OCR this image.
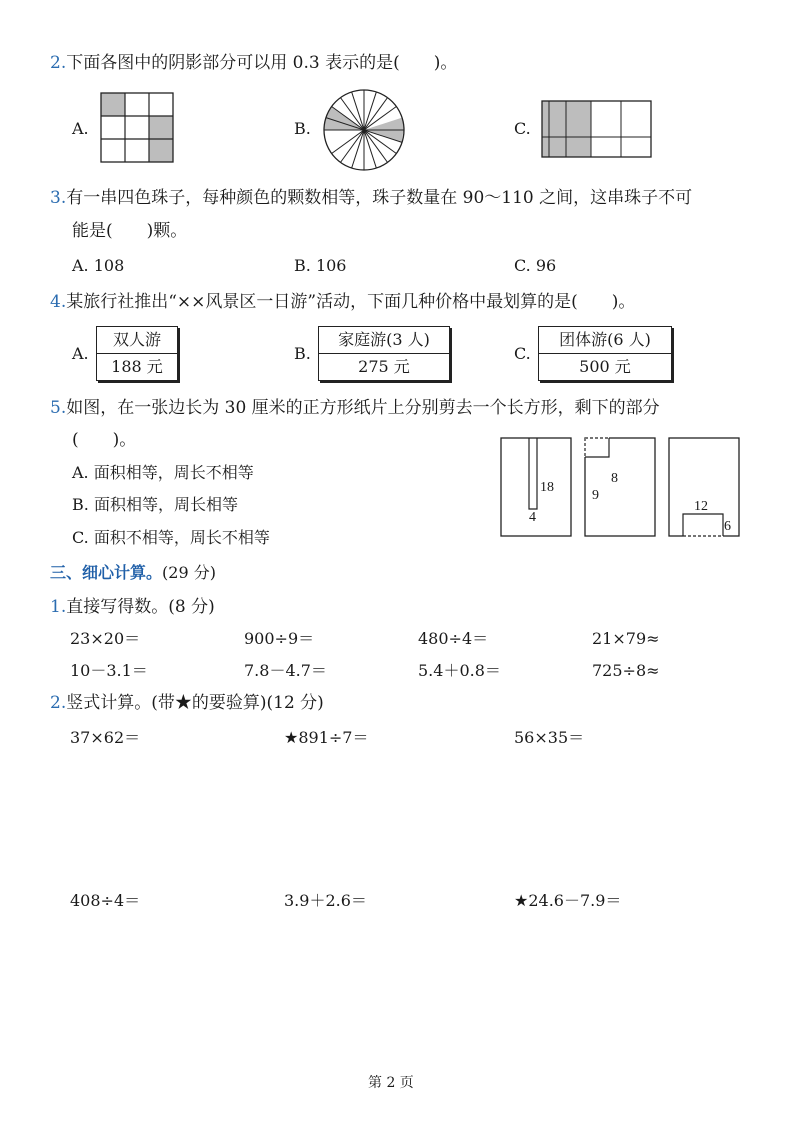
2.下面各图中的阴影部分可以用 0.3 表示的是(　　)。
A.	B.	C.
3.有一串四色珠子，每种颜色的颗数相等，珠子数量在 90～110 之间，这串珠子不可
能是(　　)颗。
A. 108	B. 106	C. 96
4.某旅行社推出“××风景区一日游”活动，下面几种价格中最划算的是(　　)。
A.
双人游
188 元
B.
家庭游(3 人)
275 元
C.
团体游(6 人)
500 元
5.如图，在一张边长为 30 厘米的正方形纸片上分别剪去一个长方形，剩下的部分
(　　)。
A. 面积相等，周长不相等
B. 面积相等，周长相等
C. 面积不相等，周长不相等
18
4
8
9
12
6
三、细心计算。(29 分)
1.直接写得数。(8 分)
23×20＝	900÷9＝	480÷4＝	21×79≈
10－3.1＝	7.8－4.7＝	5.4＋0.8＝	725÷8≈
2.竖式计算。(带★的要验算)(12 分)
37×62＝	★891÷7＝	56×35＝
408÷4＝	3.9＋2.6＝	★24.6－7.9＝
第 2 页
